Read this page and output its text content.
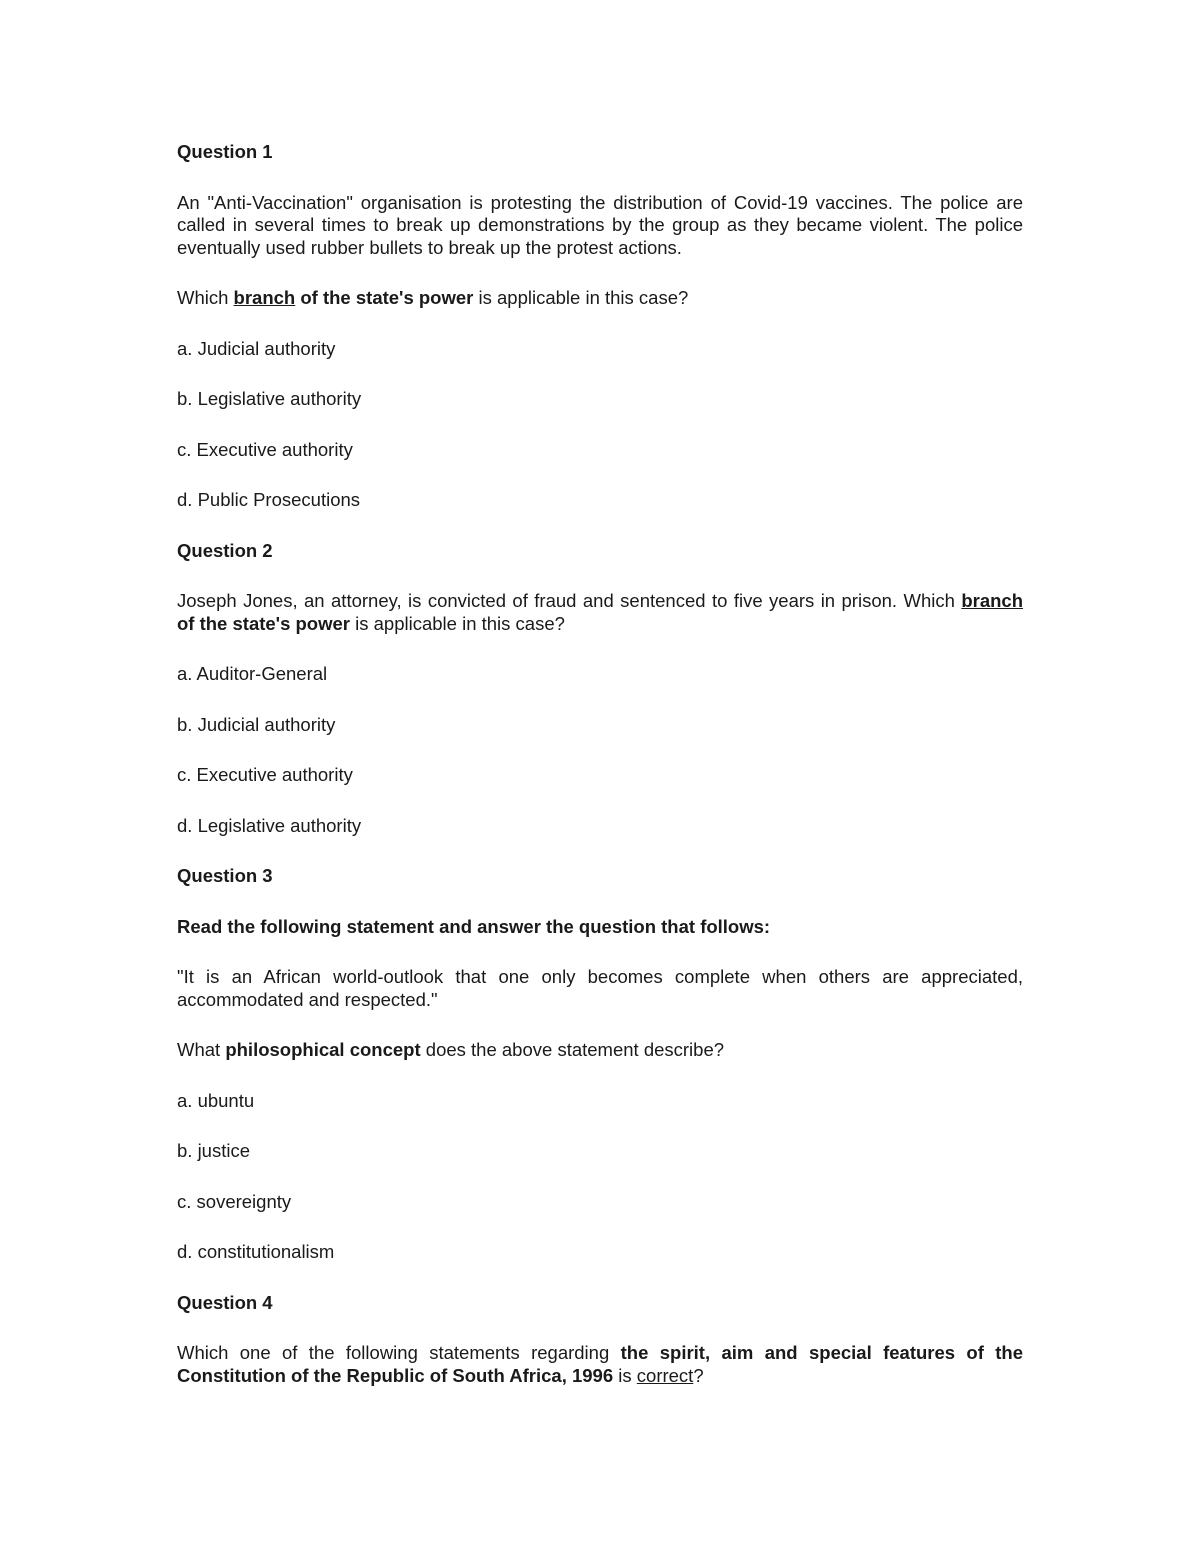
Question 1
An "Anti-Vaccination" organisation is protesting the distribution of Covid-19 vaccines. The police are called in several times to break up demonstrations by the group as they became violent. The police eventually used rubber bullets to break up the protest actions.
Which branch of the state's power is applicable in this case?
a. Judicial authority
b. Legislative authority
c. Executive authority
d. Public Prosecutions
Question 2
Joseph Jones, an attorney, is convicted of fraud and sentenced to five years in prison. Which branch of the state's power is applicable in this case?
a. Auditor-General
b. Judicial authority
c. Executive authority
d. Legislative authority
Question 3
Read the following statement and answer the question that follows:
"It is an African world-outlook that one only becomes complete when others are appreciated, accommodated and respected."
What philosophical concept does the above statement describe?
a. ubuntu
b. justice
c. sovereignty
d. constitutionalism
Question 4
Which one of the following statements regarding the spirit, aim and special features of the Constitution of the Republic of South Africa, 1996 is correct?
